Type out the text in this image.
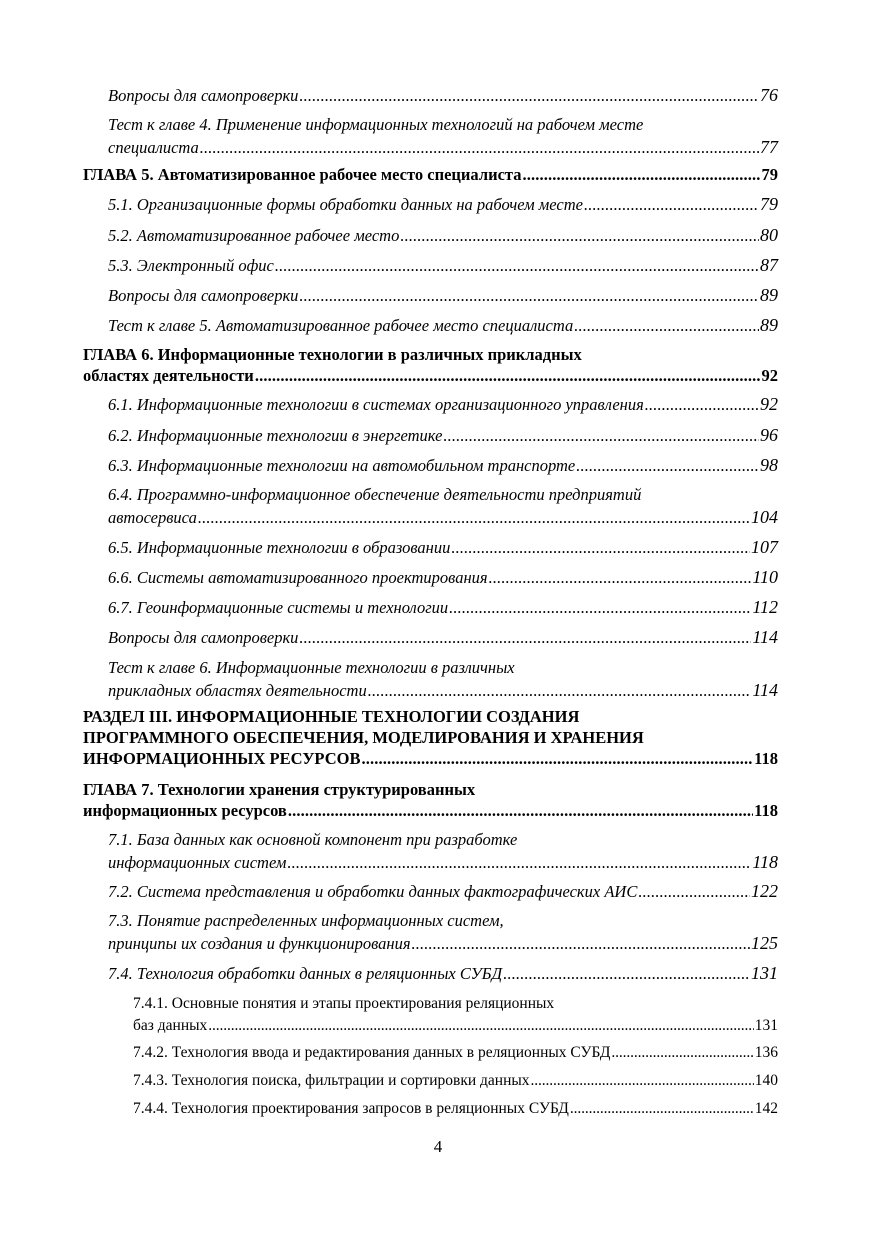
Вопросы для самопроверки . . .	76
Тест к главе 4. Применение информационных технологий на рабочем месте
специалиста . . .	77
ГЛАВА 5. Автоматизированное рабочее место специалиста . . .	79
5.1. Организационные формы обработки данных на рабочем месте . . .	79
5.2. Автоматизированное рабочее место . . .	80
5.3. Электронный офис . . .	87
Вопросы для самопроверки . . .	89
Тест к главе 5. Автоматизированное рабочее место специалиста . . .	89
ГЛАВА 6. Информационные технологии в различных прикладных
областях деятельности . . .	92
6.1. Информационные технологии в системах организационного управления . . .	92
6.2. Информационные технологии в энергетике . . .	96
6.3. Информационные технологии на автомобильном транспорте . . .	98
6.4. Программно-информационное обеспечение деятельности предприятий
автосервиса . . .	104
6.5. Информационные технологии в образовании . . .	107
6.6. Системы автоматизированного проектирования . . .	110
6.7. Геоинформационные системы и технологии . . .	112
Вопросы для самопроверки . . .	114
Тест к главе 6. Информационные технологии в различных
прикладных областях деятельности . . .	114
РАЗДЕЛ III. ИНФОРМАЦИОННЫЕ ТЕХНОЛОГИИ СОЗДАНИЯ
ПРОГРАММНОГО ОБЕСПЕЧЕНИЯ, МОДЕЛИРОВАНИЯ И ХРАНЕНИЯ
ИНФОРМАЦИОННЫХ РЕСУРСОВ . . .	118
ГЛАВА 7. Технологии хранения структурированных
информационных ресурсов . . .	118
7.1. База данных как основной компонент при разработке
информационных систем . . .	118
7.2. Система представления и обработки данных фактографических АИС . . .	122
7.3. Понятие распределенных информационных систем,
принципы их создания и функционирования . . .	125
7.4. Технология обработки данных в реляционных СУБД . . .	131
7.4.1. Основные понятия и этапы проектирования реляционных
баз данных . . .	131
7.4.2. Технология ввода и редактирования данных в реляционных СУБД . . .	136
7.4.3. Технология поиска, фильтрации и сортировки данных . . .	140
7.4.4. Технология проектирования запросов в реляционных СУБД . . .	142
4
